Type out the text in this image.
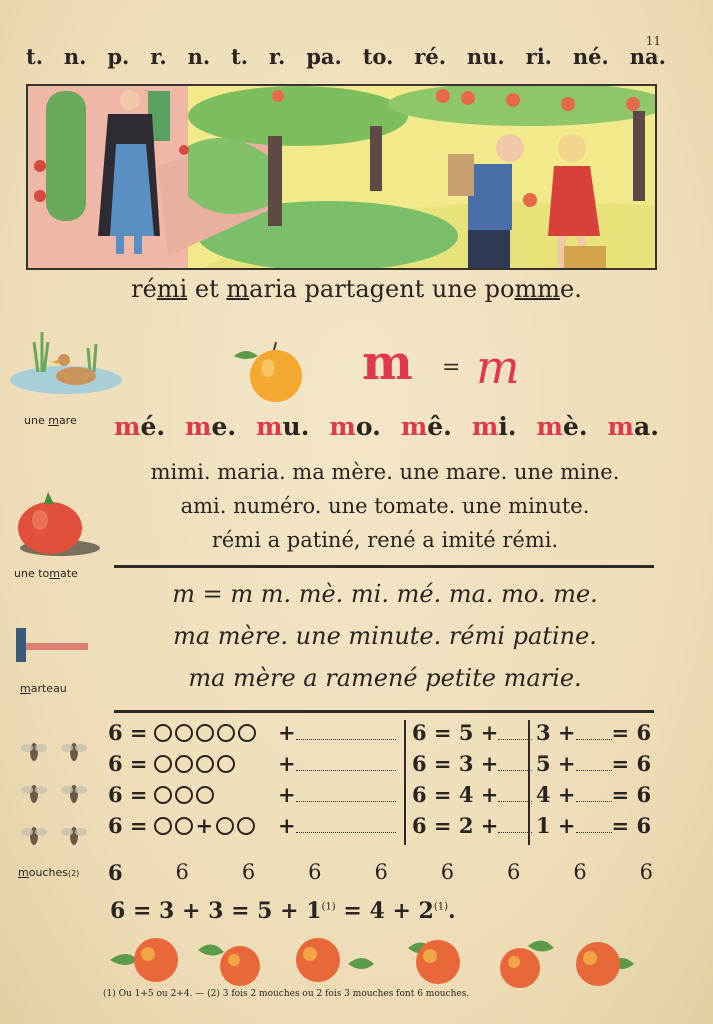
11
t. n. p. r. n. t. r. pa. to. ré. nu. ri. né. na.
rémi et maria partagent une pomme.
une mare
une tomate
marteau
mouches(2)
m = m
mé. me. mu. mo. mê. mi. mè. ma.
mimi. maria. ma mère. une mare. une mine.
ami. numéro. une tomate. une minute.
rémi a patiné, rené a imité rémi.
m = m m. mè. mi. mé. ma. mo. me.
ma mère. une minute. rémi patine.
ma mère a ramené petite marie.
6 =	+	6 = 5 +	3 + = 6
6 =	+	6 = 3 +	5 + = 6
6 =	+	6 = 4 +	4 + = 6
6 = +	+	6 = 2 +	1 + = 6
6	6	6	6	6	6	6	6	6
$6 = 3 + 3 = 5 + 1^{(1)} = 4 + 2^{(1)}$.
(1) Ou 1+5 ou 2+4. — (2) 3 fois 2 mouches ou 2 fois 3 mouches font 6 mouches.
